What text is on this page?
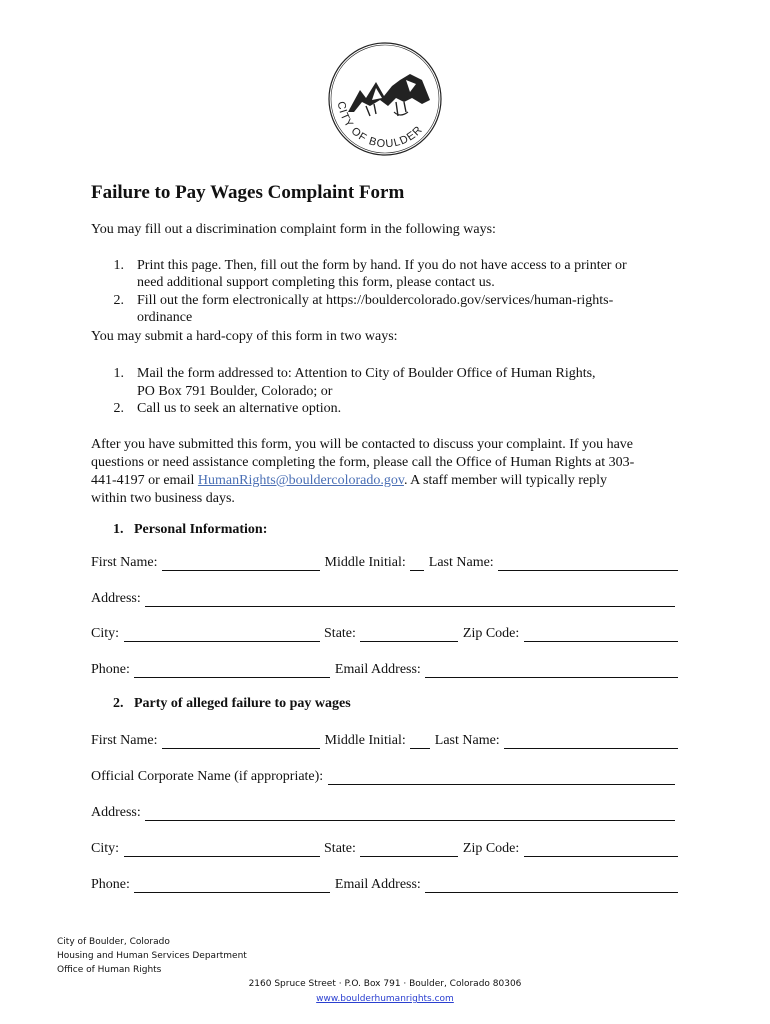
CITY OF BOULDER
Failure to Pay Wages Complaint Form
You may fill out a discrimination complaint form in the following ways:
1. Print this page. Then, fill out the form by hand. If you do not have access to a printer or
need additional support completing this form, please contact us.
2. Fill out the form electronically at https://bouldercolorado.gov/services/human-rights-
ordinance
You may submit a hard-copy of this form in two ways:
1. Mail the form addressed to: Attention to City of Boulder Office of Human Rights,
PO Box 791 Boulder, Colorado; or
2. Call us to seek an alternative option.
After you have submitted this form, you will be contacted to discuss your complaint. If you have
questions or need assistance completing the form, please call the Office of Human Rights at 303-
441-4197 or email HumanRights@bouldercolorado.gov. A staff member will typically reply
within two business days.
1.   Personal Information:
First Name:	Middle Initial: Last Name:
Address:
City:	State:	Zip Code:
Phone:	Email Address:
2.   Party of alleged failure to pay wages
First Name:	Middle Initial: Last Name:
Official Corporate Name (if appropriate):
Address:
City:	State:	Zip Code:
Phone:	Email Address:
City of Boulder, Colorado
Housing and Human Services Department
Office of Human Rights
2160 Spruce Street · P.O. Box 791 · Boulder, Colorado 80306
www.boulderhumanrights.com
